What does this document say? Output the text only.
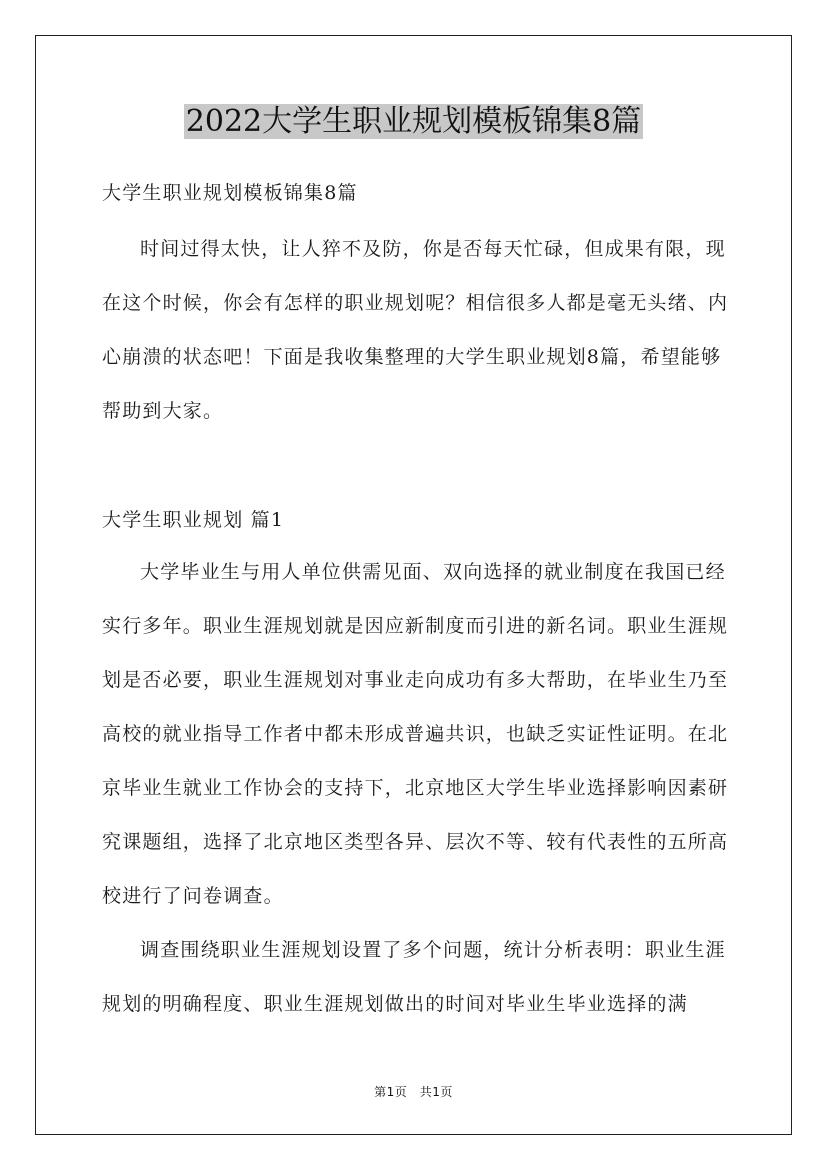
2022大学生职业规划模板锦集8篇
大学生职业规划模板锦集8篇

时间过得太快，让人猝不及防，你是否每天忙碌，但成果有限，现在这个时候，你会有怎样的职业规划呢？相信很多人都是毫无头绪、内心崩溃的状态吧！下面是我收集整理的大学生职业规划8篇，希望能够帮助到大家。

大学生职业规划 篇1

大学毕业生与用人单位供需见面、双向选择的就业制度在我国已经实行多年。职业生涯规划就是因应新制度而引进的新名词。职业生涯规划是否必要，职业生涯规划对事业走向成功有多大帮助，在毕业生乃至高校的就业指导工作者中都未形成普遍共识，也缺乏实证性证明。在北京毕业生就业工作协会的支持下，北京地区大学生毕业选择影响因素研究课题组，选择了北京地区类型各异、层次不等、较有代表性的五所高校进行了问卷调查。

调查围绕职业生涯规划设置了多个问题，统计分析表明：职业生涯规划的明确程度、职业生涯规划做出的时间对毕业生毕业选择的满

第1页　共1页
